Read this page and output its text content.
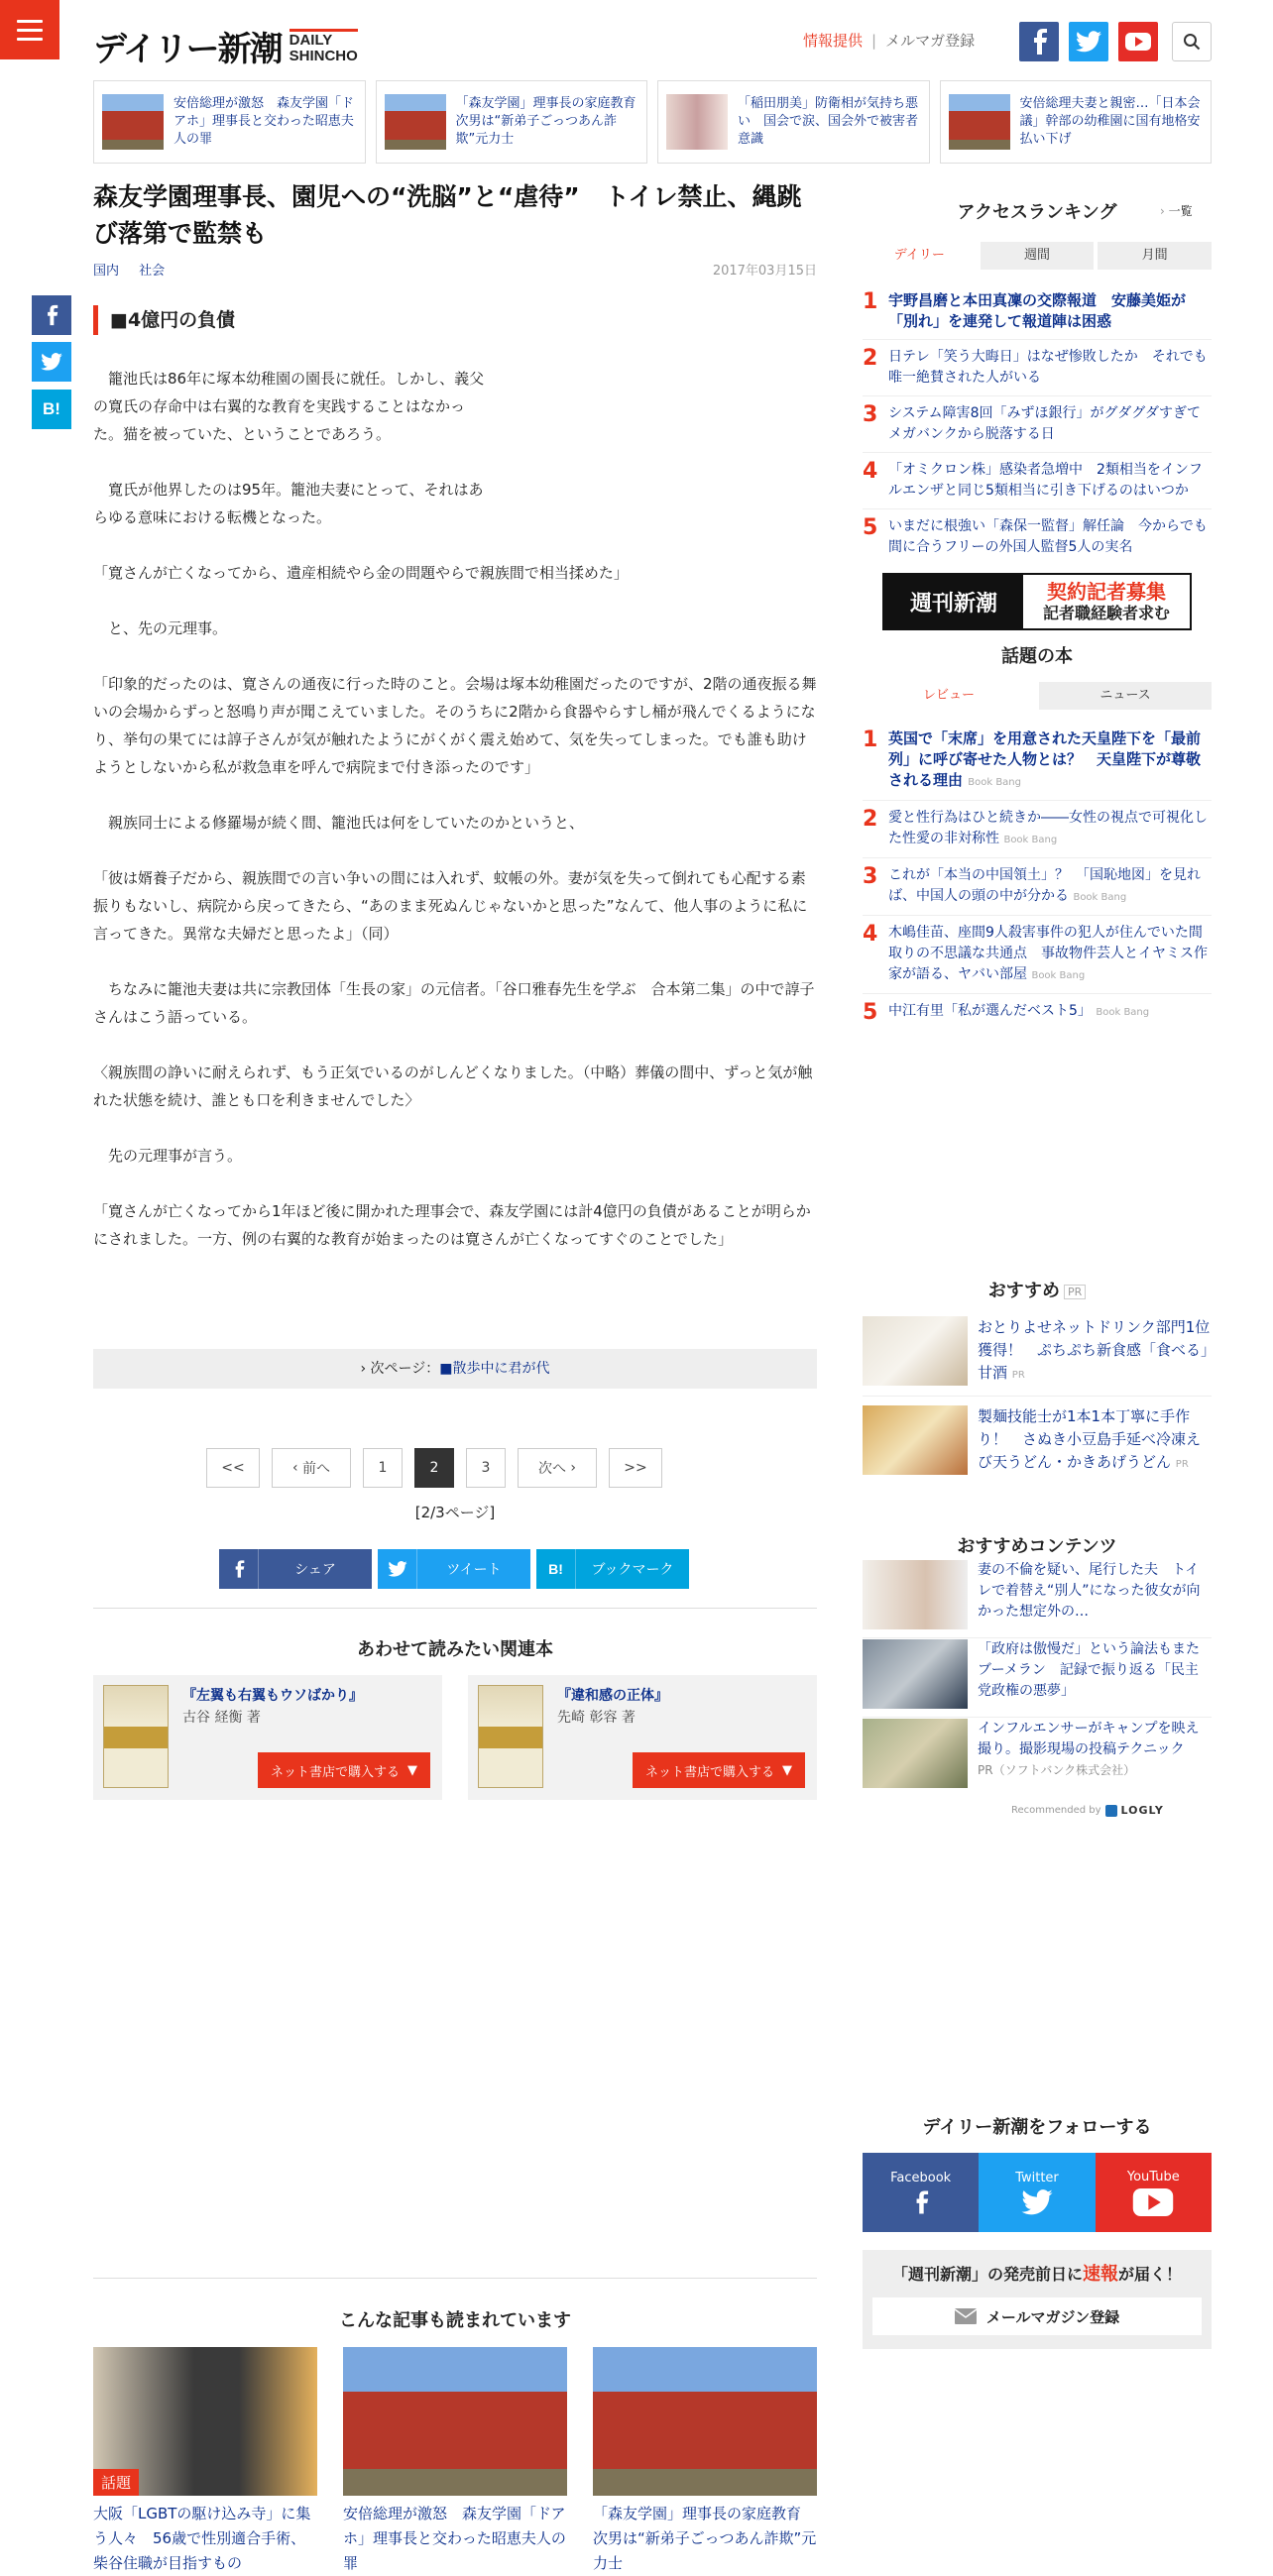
デイリー新潮 DAILY
SHINCHO
情報提供 | メルマガ登録
安倍総理が激怒　森友学園「ドアホ」理事長と交わった昭恵夫人の罪
「森友学園」理事長の家庭教育　次男は“新弟子ごっつあん詐欺”元力士
「稲田朋美」防衛相が気持ち悪い　国会で涙、国会外で被害者意識
安倍総理夫妻と親密…「日本会議」幹部の幼稚園に国有地格安払い下げ
森友学園理事長、園児への“洗脳”と“虐待”　トイレ禁止、縄跳び落第で監禁も
国内 社会	2017年03月15日
B!
■4億円の負債

　籠池氏は86年に塚本幼稚園の園長に就任。しかし、義父の寛氏の存命中は右翼的な教育を実践することはなかった。猫を被っていた、ということであろう。

　寛氏が他界したのは95年。籠池夫妻にとって、それはあらゆる意味における転機となった。

「寛さんが亡くなってから、遺産相続やら金の問題やらで親族間で相当揉めた」

　と、先の元理事。

「印象的だったのは、寛さんの通夜に行った時のこと。会場は塚本幼稚園だったのですが、2階の通夜振る舞いの会場からずっと怒鳴り声が聞こえていました。そのうちに2階から食器やらすし桶が飛んでくるようになり、挙句の果てには諄子さんが気が触れたようにがくがく震え始めて、気を失ってしまった。でも誰も助けようとしないから私が救急車を呼んで病院まで付き添ったのです」

　親族同士による修羅場が続く間、籠池氏は何をしていたのかというと、

「彼は婿養子だから、親族間での言い争いの間には入れず、蚊帳の外。妻が気を失って倒れても心配する素振りもないし、病院から戻ってきたら、“あのまま死ぬんじゃないかと思った”なんて、他人事のように私に言ってきた。異常な夫婦だと思ったよ」（同）

　ちなみに籠池夫妻は共に宗教団体「生長の家」の元信者。「谷口雅春先生を学ぶ　合本第二集」の中で諄子さんはこう語っている。

〈親族間の諍いに耐えられず、もう正気でいるのがしんどくなりました。（中略）葬儀の間中、ずっと気が触れた状態を続け、誰とも口を利きませんでした〉

　先の元理事が言う。

「寛さんが亡くなってから1年ほど後に開かれた理事会で、森友学園には計4億円の負債があることが明らかにされました。一方、例の右翼的な教育が始まったのは寛さんが亡くなってすぐのことでした」

› 次ページ：■散歩中に君が代
<<	‹ 前へ	1	2	3	次へ ›	>>
[2/3ページ]
シェア	ツイート	B!	ブックマーク
あわせて読みたい関連本
『左翼も右翼もウソばかり』
古谷 経衡 著
ネット書店で購入する ▼
『違和感の正体』
先崎 彰容 著
ネット書店で購入する ▼
こんな記事も読まれています
話題
大阪「LGBTの駆け込み寺」に集う人々　56歳で性別適合手術、柴谷住職が目指すもの
安倍総理が激怒　森友学園「ドアホ」理事長と交わった昭恵夫人の罪
「森友学園」理事長の家庭教育　次男は“新弟子ごっつあん詐欺”元力士
アクセスランキング	› 一覧
デイリー	週間	月間
1 宇野昌磨と本田真凜の交際報道　安藤美姫が「別れ」を連発して報道陣は困惑
2 日テレ「笑う大晦日」はなぜ惨敗したか　それでも唯一絶賛された人がいる
3 システム障害8回「みずほ銀行」がグダグダすぎてメガバンクから脱落する日
4 「オミクロン株」感染者急増中　2類相当をインフルエンザと同じ5類相当に引き下げるのはいつか
5 いまだに根強い「森保一監督」解任論　今からでも間に合うフリーの外国人監督5人の実名
週刊新潮	契約記者募集
記者職経験者求む
話題の本
レビュー	ニュース
1 英国で「末席」を用意された天皇陛下を「最前列」に呼び寄せた人物とは？　天皇陛下が尊敬される理由 Book Bang
2 愛と性行為はひと続きか――女性の視点で可視化した性愛の非対称性 Book Bang
3 これが「本当の中国領土」？　「国恥地図」を見れば、中国人の頭の中が分かる Book Bang
4 木嶋佳苗、座間9人殺害事件の犯人が住んでいた間取りの不思議な共通点　事故物件芸人とイヤミス作家が語る、ヤバい部屋 Book Bang
5 中江有里「私が選んだベスト5」 Book Bang
おすすめ PR
おとりよせネットドリンク部門1位獲得！　ぷちぷち新食感「食べる」甘酒 PR
製麺技能士が1本1本丁寧に手作り！　さぬき小豆島手延べ冷凍えび天うどん・かきあげうどん PR
おすすめコンテンツ
妻の不倫を疑い、尾行した夫　トイレで着替え“別人”になった彼女が向かった想定外の…
「政府は傲慢だ」という論法もまたブーメラン　記録で振り返る「民主党政権の悪夢」
インフルエンサーがキャンプを映え撮り。撮影現場の投稿テクニック
PR（ソフトバンク株式会社）
Recommended by LOGLY
デイリー新潮をフォローする
Facebook	Twitter	YouTube
「週刊新潮」の発売前日に速報が届く！
メールマガジン登録
